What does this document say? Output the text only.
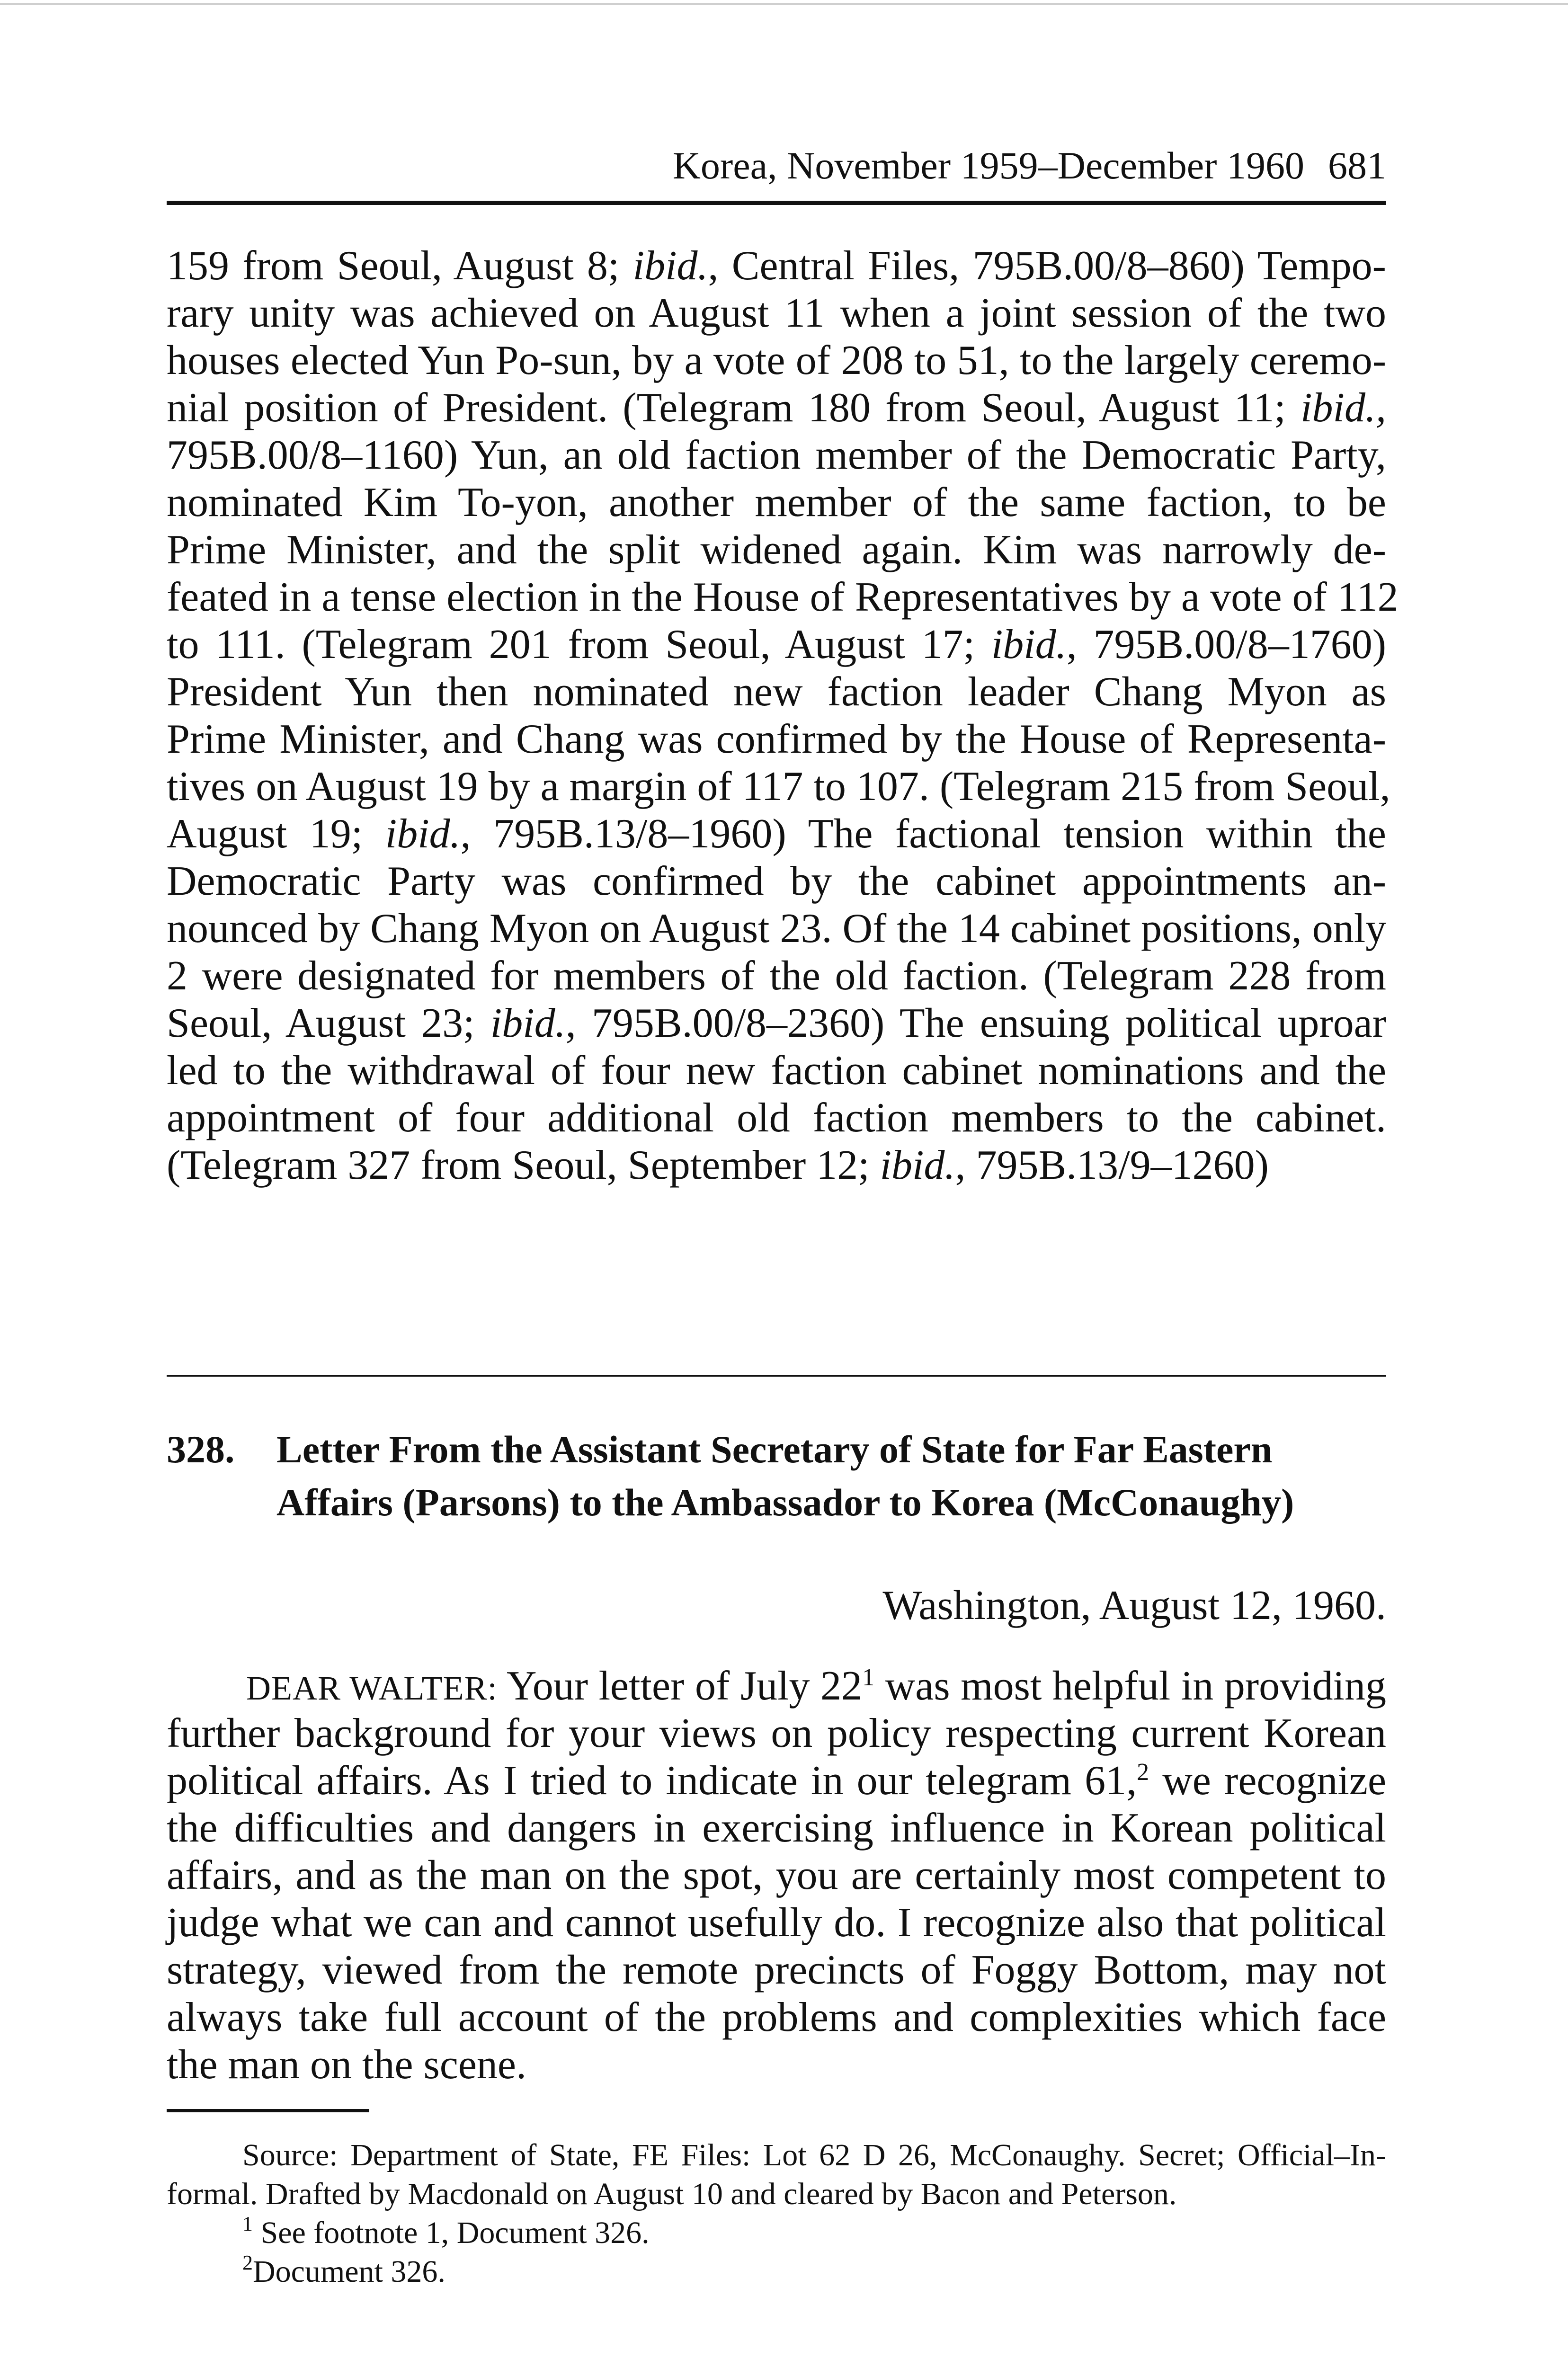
Korea, November 1959–December 1960 681
159 from Seoul, August 8; ibid., Central Files, 795B.00/8–860) Tempo-
rary unity was achieved on August 11 when a joint session of the two
houses elected Yun Po-sun, by a vote of 208 to 51, to the largely ceremo-
nial position of President. (Telegram 180 from Seoul, August 11; ibid.,
795B.00/8–1160) Yun, an old faction member of the Democratic Party,
nominated Kim To-yon, another member of the same faction, to be
Prime Minister, and the split widened again. Kim was narrowly de-
feated in a tense election in the House of Representatives by a vote of 112
to 111. (Telegram 201 from Seoul, August 17; ibid., 795B.00/8–1760)
President Yun then nominated new faction leader Chang Myon as
Prime Minister, and Chang was confirmed by the House of Representa-
tives on August 19 by a margin of 117 to 107. (Telegram 215 from Seoul,
August 19; ibid., 795B.13/8–1960) The factional tension within the
Democratic Party was confirmed by the cabinet appointments an-
nounced by Chang Myon on August 23. Of the 14 cabinet positions, only
2 were designated for members of the old faction. (Telegram 228 from
Seoul, August 23; ibid., 795B.00/8–2360) The ensuing political uproar
led to the withdrawal of four new faction cabinet nominations and the
appointment of four additional old faction members to the cabinet.
(Telegram 327 from Seoul, September 12; ibid., 795B.13/9–1260)
328. Letter From the Assistant Secretary of State for Far Eastern
Affairs (Parsons) to the Ambassador to Korea (McConaughy)
Washington, August 12, 1960.
DEAR WALTER: Your letter of July $22^1$ was most helpful in providing
further background for your views on policy respecting current Korean
political affairs. As I tried to indicate in our telegram 61,$^2$ we recognize
the difficulties and dangers in exercising influence in Korean political
affairs, and as the man on the spot, you are certainly most competent to
judge what we can and cannot usefully do. I recognize also that political
strategy, viewed from the remote precincts of Foggy Bottom, may not
always take full account of the problems and complexities which face
the man on the scene.
Source: Department of State, FE Files: Lot 62 D 26, McConaughy. Secret; Official–In-
formal. Drafted by Macdonald on August 10 and cleared by Bacon and Peterson.
$^1$ See footnote 1, Document 326.
$^2$Document 326.
